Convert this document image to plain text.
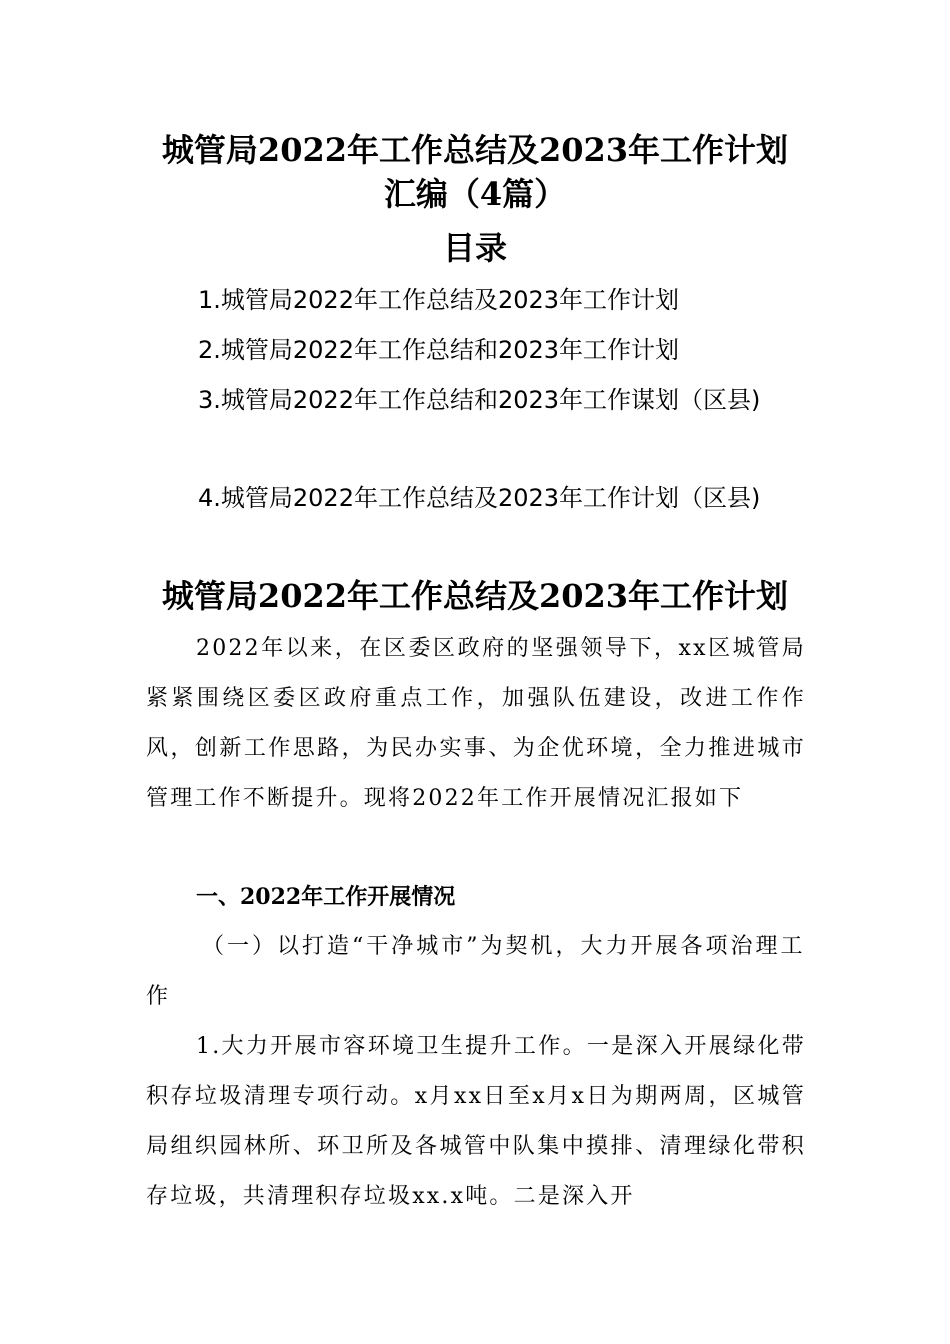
城管局2022年工作总结及2023年工作计划
汇编（4篇）
目录
1.城管局2022年工作总结及2023年工作计划
2.城管局2022年工作总结和2023年工作计划
3.城管局2022年工作总结和2023年工作谋划（区县)
4.城管局2022年工作总结及2023年工作计划（区县)
城管局2022年工作总结及2023年工作计划
2022年以来，在区委区政府的坚强领导下，xx区城管局紧紧围绕区委区政府重点工作，加强队伍建设，改进工作作风，创新工作思路，为民办实事、为企优环境，全力推进城市管理工作不断提升。现将2022年工作开展情况汇报如下
一、2022年工作开展情况
（一）以打造“干净城市”为契机，大力开展各项治理工作
1.大力开展市容环境卫生提升工作。一是深入开展绿化带积存垃圾清理专项行动。x月xx日至x月x日为期两周，区城管局组织园林所、环卫所及各城管中队集中摸排、清理绿化带积存垃圾，共清理积存垃圾xx.x吨。二是深入开
